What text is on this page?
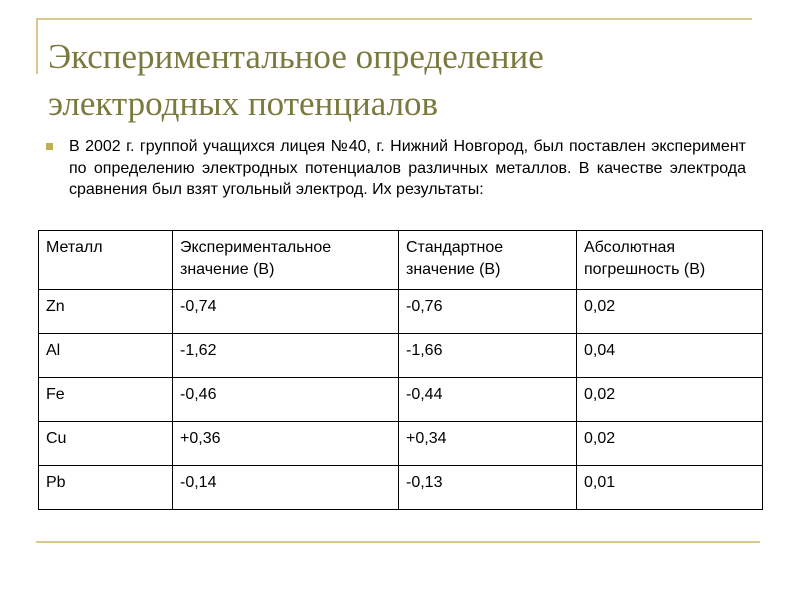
Экспериментальное определение
электродных потенциалов

В 2002 г. группой учащихся лицея №40, г. Нижний Новгород, был поставлен эксперимент по определению электродных потенциалов различных металлов. В качестве электрода сравнения был взят угольный электрод. Их результаты:

Металл	Экспериментальное значение (В)	Стандартное значение (В)	Абсолютная погрешность (В)
Zn	-0,74	-0,76	0,02
Al	-1,62	-1,66	0,04
Fe	-0,46	-0,44	0,02
Cu	+0,36	+0,34	0,02
Pb	-0,14	-0,13	0,01
